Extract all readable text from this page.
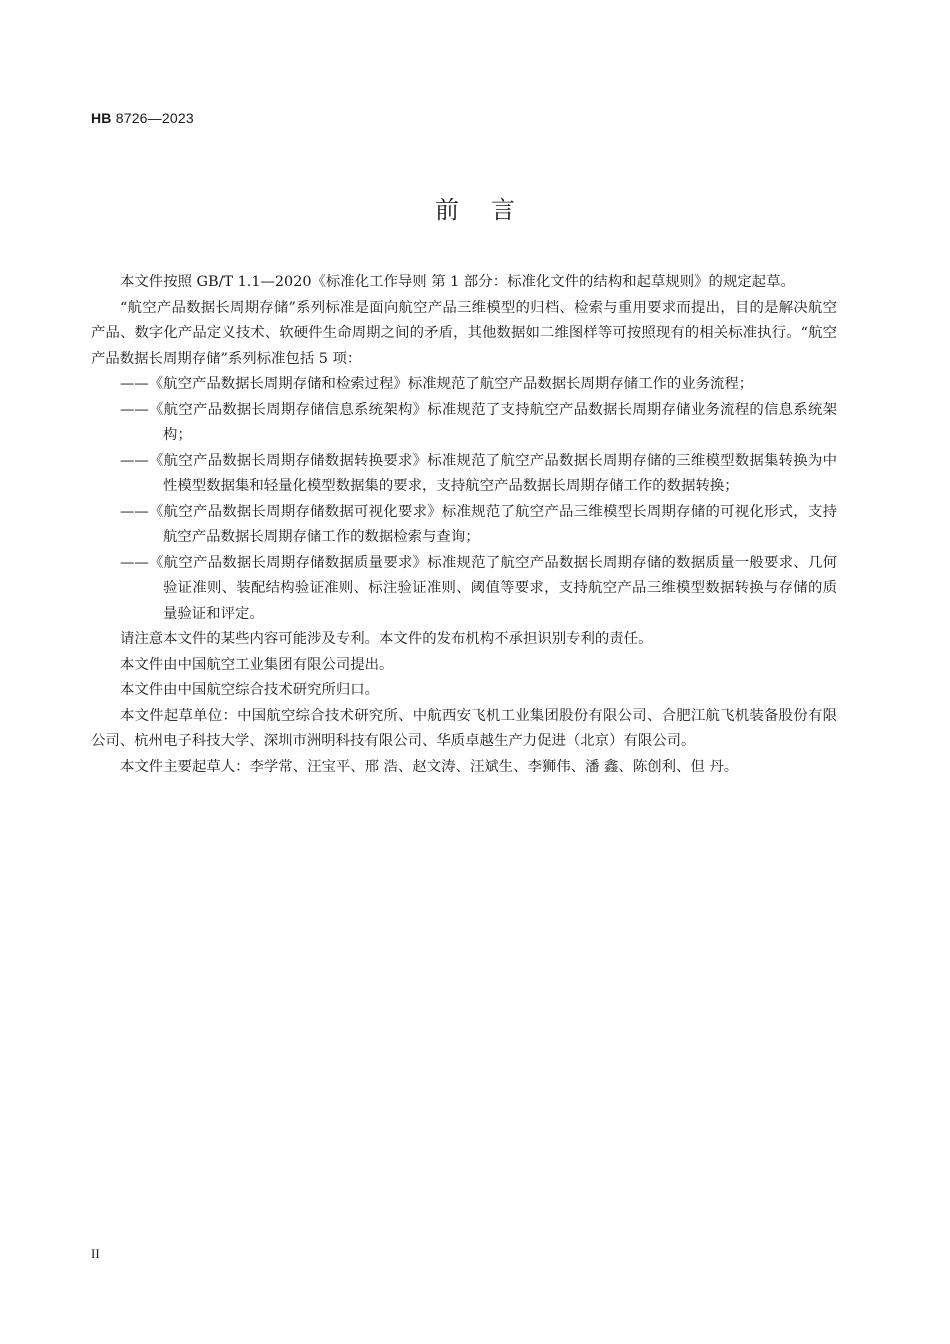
HB 8726—2023
前言

本文件按照 GB/T 1.1—2020《标准化工作导则 第 1 部分：标准化文件的结构和起草规则》的规定起草。

“航空产品数据长周期存储”系列标准是面向航空产品三维模型的归档、检索与重用要求而提出，目的是解决航空产品、数字化产品定义技术、软硬件生命周期之间的矛盾，其他数据如二维图样等可按照现有的相关标准执行。“航空产品数据长周期存储”系列标准包括 5 项：

——《航空产品数据长周期存储和检索过程》标准规范了航空产品数据长周期存储工作的业务流程；

——《航空产品数据长周期存储信息系统架构》标准规范了支持航空产品数据长周期存储业务流程的信息系统架构；

——《航空产品数据长周期存储数据转换要求》标准规范了航空产品数据长周期存储的三维模型数据集转换为中性模型数据集和轻量化模型数据集的要求，支持航空产品数据长周期存储工作的数据转换；

——《航空产品数据长周期存储数据可视化要求》标准规范了航空产品三维模型长周期存储的可视化形式，支持航空产品数据长周期存储工作的数据检索与查询；

——《航空产品数据长周期存储数据质量要求》标准规范了航空产品数据长周期存储的数据质量一般要求、几何验证准则、装配结构验证准则、标注验证准则、阈值等要求，支持航空产品三维模型数据转换与存储的质量验证和评定。

请注意本文件的某些内容可能涉及专利。本文件的发布机构不承担识别专利的责任。

本文件由中国航空工业集团有限公司提出。

本文件由中国航空综合技术研究所归口。

本文件起草单位：中国航空综合技术研究所、中航西安飞机工业集团股份有限公司、合肥江航飞机装备股份有限公司、杭州电子科技大学、深圳市洲明科技有限公司、华质卓越生产力促进（北京）有限公司。

本文件主要起草人：李学常、汪宝平、邢 浩、赵文涛、汪斌生、李狮伟、潘 鑫、陈创利、但 丹。

II
